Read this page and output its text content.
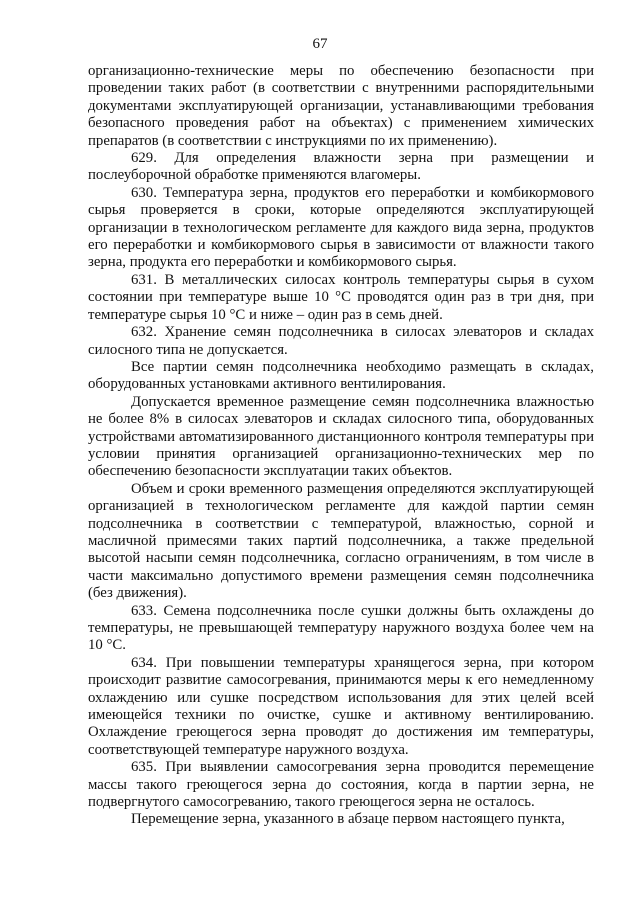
67

организационно-технические меры по обеспечению безопасности при проведении таких работ (в соответствии с внутренними распорядительными документами эксплуатирующей организации, устанавливающими требования безопасного проведения работ на объектах) с применением химических препаратов (в соответствии с инструкциями по их применению).

629. Для определения влажности зерна при размещении и послеуборочной обработке применяются влагомеры.

630. Температура зерна, продуктов его переработки и комбикормового сырья проверяется в сроки, которые определяются эксплуатирующей организации в технологическом регламенте для каждого вида зерна, продуктов его переработки и комбикормового сырья в зависимости от влажности такого зерна, продукта его переработки и комбикормового сырья.

631. В металлических силосах контроль температуры сырья в сухом состоянии при температуре выше 10 °С проводятся один раз в три дня, при температуре сырья 10 °С и ниже – один раз в семь дней.

632. Хранение семян подсолнечника в силосах элеваторов и складах силосного типа не допускается.

Все партии семян подсолнечника необходимо размещать в складах, оборудованных установками активного вентилирования.

Допускается временное размещение семян подсолнечника влажностью не более 8% в силосах элеваторов и складах силосного типа, оборудованных устройствами автоматизированного дистанционного контроля температуры при условии принятия организацией организационно-технических мер по обеспечению безопасности эксплуатации таких объектов.

Объем и сроки временного размещения определяются эксплуатирующей организацией в технологическом регламенте для каждой партии семян подсолнечника в соответствии с температурой, влажностью, сорной и масличной примесями таких партий подсолнечника, а также предельной высотой насыпи семян подсолнечника, согласно ограничениям, в том числе в части максимально допустимого времени размещения семян подсолнечника (без движения).

633. Семена подсолнечника после сушки должны быть охлаждены до температуры, не превышающей температуру наружного воздуха более чем на 10 °С.

634. При повышении температуры хранящегося зерна, при котором происходит развитие самосогревания, принимаются меры к его немедленному охлаждению или сушке посредством использования для этих целей всей имеющейся техники по очистке, сушке и активному вентилированию. Охлаждение греющегося зерна проводят до достижения им температуры, соответствующей температуре наружного воздуха.

635. При выявлении самосогревания зерна проводится перемещение массы такого греющегося зерна до состояния, когда в партии зерна, не подвергнутого самосогреванию, такого греющегося зерна не осталось.

Перемещение зерна, указанного в абзаце первом настоящего пункта,
